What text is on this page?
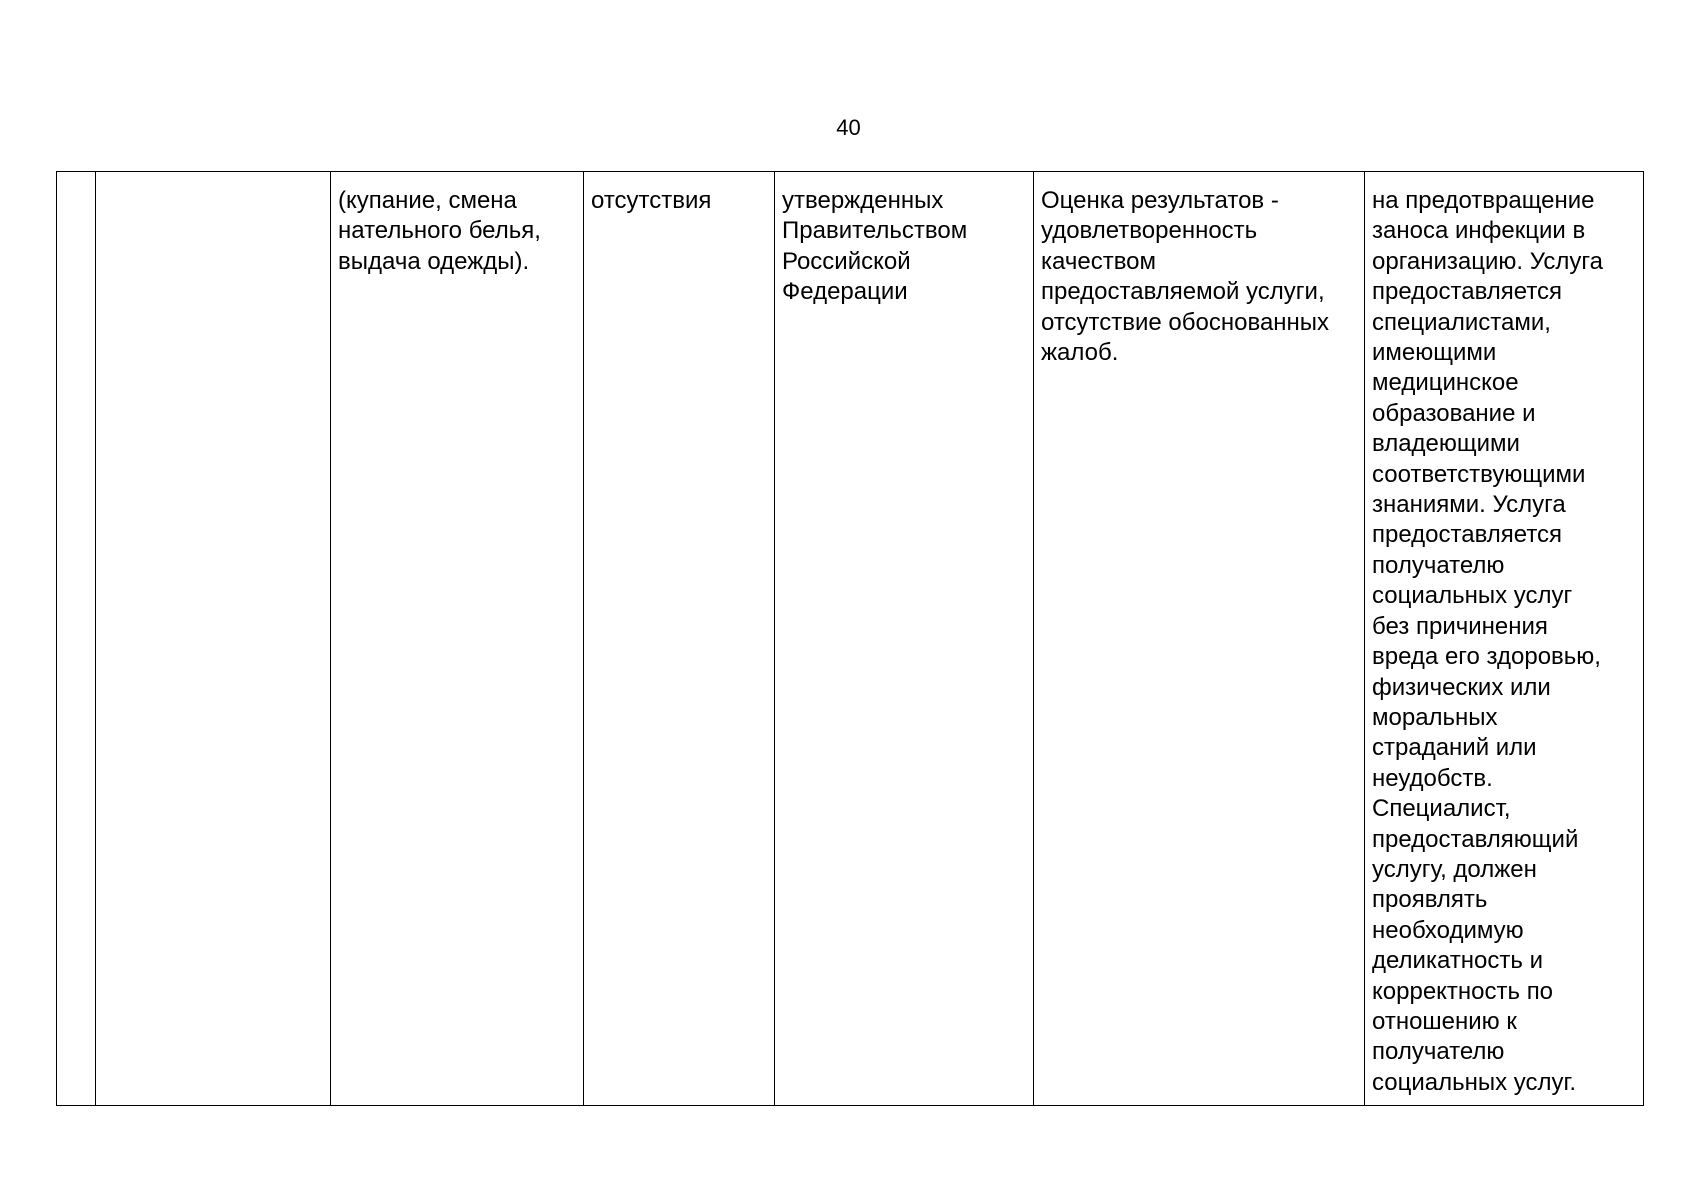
40
		(купание, смена
нательного белья,
выдача одежды).	отсутствия	утвержденных
Правительством
Российской
Федерации	Оценка результатов -
удовлетворенность
качеством
предоставляемой услуги,
отсутствие обоснованных
жалоб.	на предотвращение
заноса инфекции в
организацию. Услуга
предоставляется
специалистами,
имеющими
медицинское
образование и
владеющими
соответствующими
знаниями. Услуга
предоставляется
получателю
социальных услуг
без причинения
вреда его здоровью,
физических или
моральных
страданий или
неудобств.
Специалист,
предоставляющий
услугу, должен
проявлять
необходимую
деликатность и
корректность по
отношению к
получателю
социальных услуг.
